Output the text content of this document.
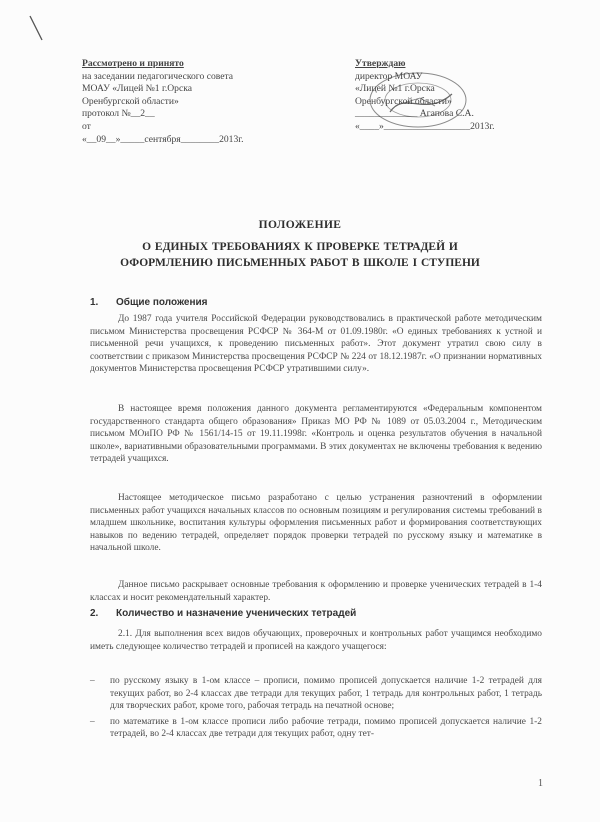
Рассмотрено и принято
на заседании педагогического совета
МОАУ «Лицей №1 г.Орска
Оренбургской области»
протокол №__2__
от
«__09__»_____сентября________2013г.
Утверждаю
директор МОАУ
«Лицей №1 г.Орска
Оренбургской области»
_____________ Агапова С.А.
«____»__________________2013г.
ПОЛОЖЕНИЕ
О ЕДИНЫХ ТРЕБОВАНИЯХ К ПРОВЕРКЕ ТЕТРАДЕЙ И
ОФОРМЛЕНИЮ ПИСЬМЕННЫХ РАБОТ В ШКОЛЕ I СТУПЕНИ
1. Общие положения
До 1987 года учителя Российской Федерации руководствовались в практической работе методическим письмом Министерства просвещения РСФСР № 364-М от 01.09.1980г. «О единых требованиях к устной и письменной речи учащихся, к проведению письменных работ». Этот документ утратил свою силу в соответствии с приказом Министерства просвещения РСФСР № 224 от 18.12.1987г. «О признании нормативных документов Министерства просвещения РСФСР утратившими силу».
В настоящее время положения данного документа регламентируются «Федеральным компонентом государственного стандарта общего образования» Приказ МО РФ № 1089 от 05.03.2004 г., Методическим письмом МОиПО РФ № 1561/14-15 от 19.11.1998г. «Контроль и оценка результатов обучения в начальной школе», вариативными образовательными программами. В этих документах не включены требования к ведению тетрадей учащихся.
Настоящее методическое письмо разработано с целью устранения разночтений в оформлении письменных работ учащихся начальных классов по основным позициям и регулирования системы требований в младшем школьнике, воспитания культуры оформления письменных работ и формирования соответствующих навыков по ведению тетрадей, определяет порядок проверки тетрадей по русскому языку и математике в начальной школе.
Данное письмо раскрывает основные требования к оформлению и проверке ученических тетрадей в 1-4 классах и носит рекомендательный характер.
2. Количество и назначение ученических тетрадей
2.1. Для выполнения всех видов обучающих, проверочных и контрольных работ учащимся необходимо иметь следующее количество тетрадей и прописей на каждого учащегося:
– по русскому языку в 1-ом классе – прописи, помимо прописей допускается наличие 1-2 тетрадей для текущих работ, во 2-4 классах две тетради для текущих работ, 1 тетрадь для контрольных работ, 1 тетрадь для творческих работ, кроме того, рабочая тетрадь на печатной основе;
– по математике в 1-ом классе прописи либо рабочие тетради, помимо прописей допускается наличие 1-2 тетрадей, во 2-4 классах две тетради для текущих работ, одну тет-
1
